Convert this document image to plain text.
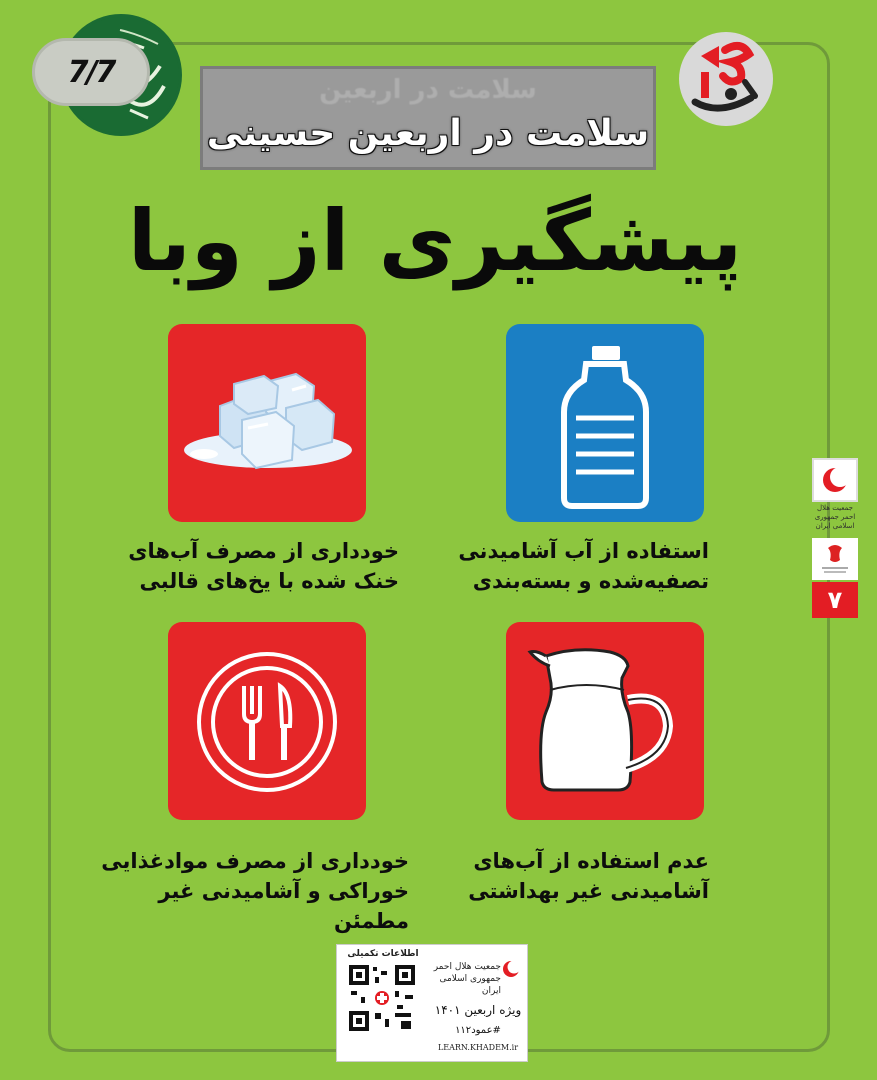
7/7
سلامت در اربعین
سلامت در اربعین حسینی
پیشگیری از وبا
استفاده از آب آشامیدنی
تصفیه‌شده و بسته‌بندی
خودداری از مصرف آب‌های
خنک شده با یخ‌های قالبی
عدم استفاده از آب‌های
آشامیدنی غیر بهداشتی
خودداری از مصرف موادغذایی
خوراکی و آشامیدنی غیر
مطمئن
جمعیت هلال احمر جمهوری اسلامی ایران
۷
اطلاعات تکمیلی
جمعیت هلال احمر جمهوری اسلامی ایران
ویژه اربعین ۱۴۰۱
#عمود۱۱۲
LEARN.KHADEM.ir
